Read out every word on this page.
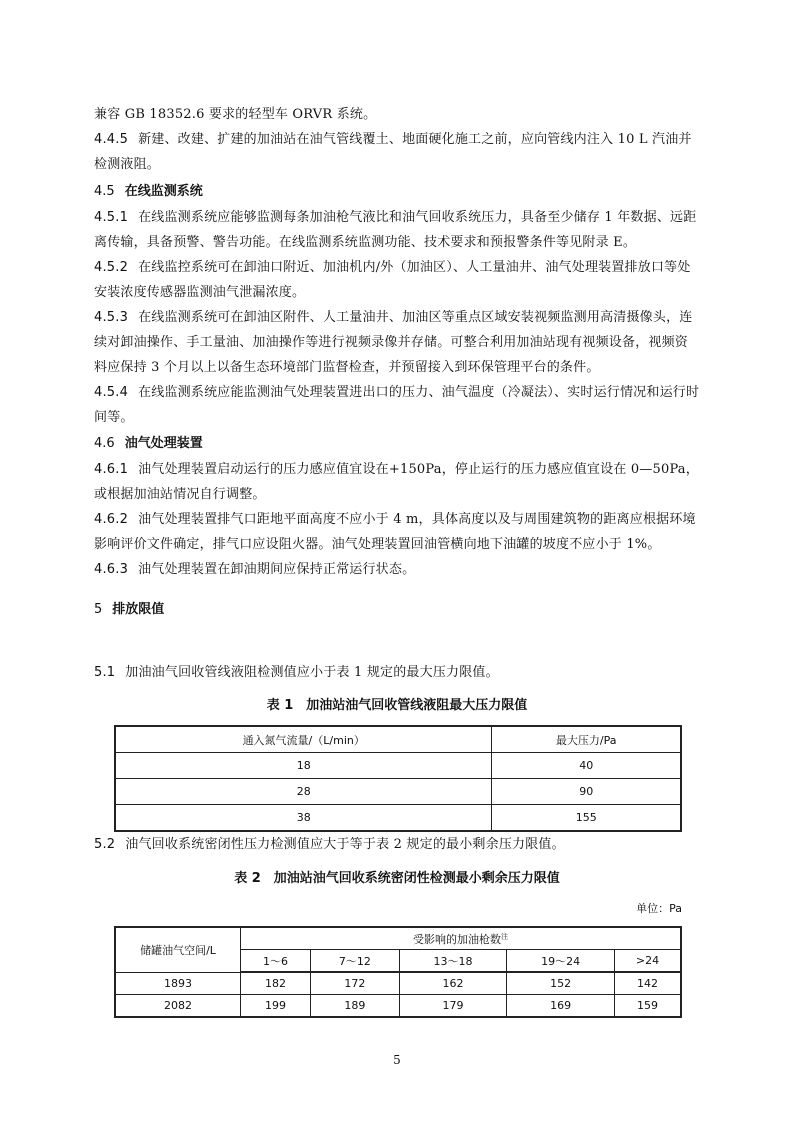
兼容 GB 18352.6 要求的轻型车 ORVR 系统。
4.4.5 新建、改建、扩建的加油站在油气管线覆土、地面硬化施工之前，应向管线内注入 10 L 汽油并检测液阻。
4.5 在线监测系统
4.5.1 在线监测系统应能够监测每条加油枪气液比和油气回收系统压力，具备至少储存 1 年数据、远距离传输，具备预警、警告功能。在线监测系统监测功能、技术要求和预报警条件等见附录 E。
4.5.2 在线监控系统可在卸油口附近、加油机内/外（加油区）、人工量油井、油气处理装置排放口等处安装浓度传感器监测油气泄漏浓度。
4.5.3 在线监测系统可在卸油区附件、人工量油井、加油区等重点区域安装视频监测用高清摄像头，连续对卸油操作、手工量油、加油操作等进行视频录像并存储。可整合利用加油站现有视频设备，视频资料应保持 3 个月以上以备生态环境部门监督检查，并预留接入到环保管理平台的条件。
4.5.4 在线监测系统应能监测油气处理装置进出口的压力、油气温度（冷凝法）、实时运行情况和运行时间等。
4.6 油气处理装置
4.6.1 油气处理装置启动运行的压力感应值宜设在+150Pa，停止运行的压力感应值宜设在 0—50Pa，或根据加油站情况自行调整。
4.6.2 油气处理装置排气口距地平面高度不应小于 4 m，具体高度以及与周围建筑物的距离应根据环境影响评价文件确定，排气口应设阻火器。油气处理装置回油管横向地下油罐的坡度不应小于 1%。
4.6.3 油气处理装置在卸油期间应保持正常运行状态。
5 排放限值
5.1 加油油气回收管线液阻检测值应小于表 1 规定的最大压力限值。
表 1　加油站油气回收管线液阻最大压力限值
通入氮气流量/（L/min）	最大压力/Pa
18	40
28	90
38	155
5.2 油气回收系统密闭性压力检测值应大于等于表 2 规定的最小剩余压力限值。
表 2　加油站油气回收系统密闭性检测最小剩余压力限值
单位：Pa
储罐油气空间/L	受影响的加油枪数$^注$
	1～6	7～12	13～18	19～24	>24
1893	182	172	162	152	142
2082	199	189	179	169	159
5
